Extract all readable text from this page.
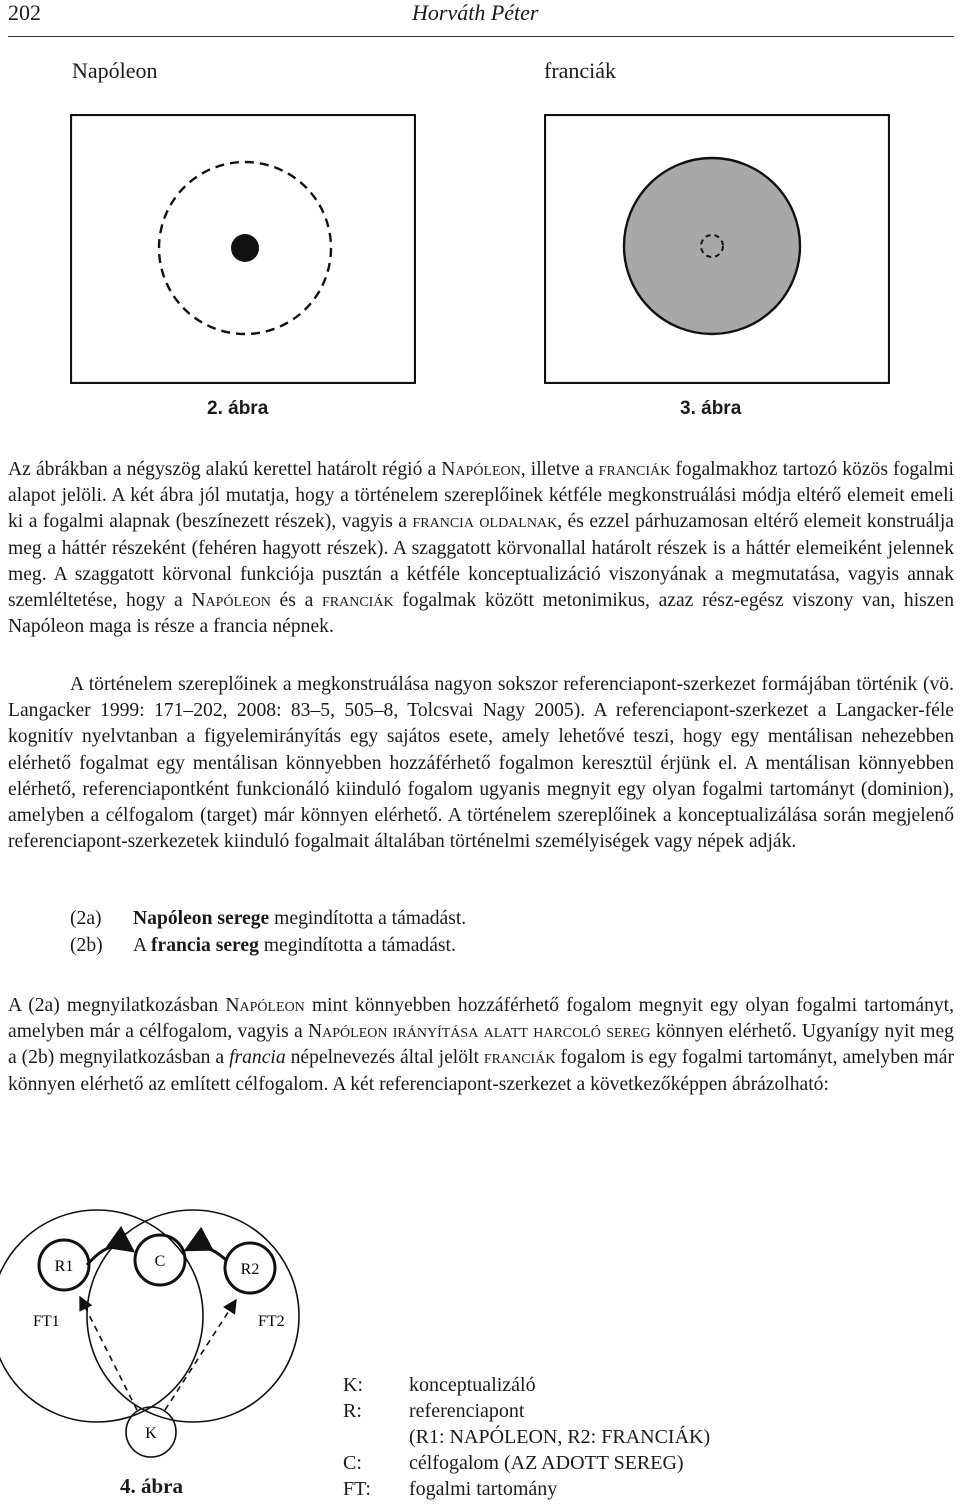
202	Horváth Péter
Napóleon	franciák
2. ábra	3. ábra

Az ábrákban a négyszög alakú kerettel határolt régió a Napóleon, illetve a franciák fogalmakhoz tartozó közös fogalmi alapot jelöli. A két ábra jól mutatja, hogy a történelem szereplőinek kétféle megkonstruálási módja eltérő elemeit emeli ki a fogalmi alapnak (beszínezett részek), vagyis a francia oldalnak, és ezzel párhuzamosan eltérő elemeit konstruálja meg a háttér részeként (fehéren hagyott részek). A szaggatott körvonallal határolt részek is a háttér elemeiként jelennek meg. A szaggatott körvonal funkciója pusztán a kétféle konceptualizáció viszonyának a megmutatása, vagyis annak szemléltetése, hogy a Napóleon és a franciák fogalmak között metonimikus, azaz rész-egész viszony van, hiszen Napóleon maga is része a francia népnek.

A történelem szereplőinek a megkonstruálása nagyon sokszor referenciapont-szerkezet formájában történik (vö. Langacker 1999: 171–202, 2008: 83–5, 505–8, Tolcsvai Nagy 2005). A referenciapont-szerkezet a Langacker-féle kognitív nyelvtanban a figyelemirányítás egy sajátos esete, amely lehetővé teszi, hogy egy mentálisan nehezebben elérhető fogalmat egy mentálisan könnyebben hozzáférhető fogalmon keresztül érjünk el. A mentálisan könnyebben elérhető, referenciapontként funkcionáló kiinduló fogalom ugyanis megnyit egy olyan fogalmi tartományt (dominion), amelyben a célfogalom (target) már könnyen elérhető. A történelem szereplőinek a konceptualizálása során megjelenő referenciapont-szerkezetek kiinduló fogalmait általában történelmi személyiségek vagy népek adják.

(2a) Napóleon serege megindította a támadást.
(2b) A francia sereg megindította a támadást.

A (2a) megnyilatkozásban Napóleon mint könnyebben hozzáférhető fogalom megnyit egy olyan fogalmi tartományt, amelyben már a célfogalom, vagyis a Napóleon irányítása alatt harcoló sereg könnyen elérhető. Ugyanígy nyit meg a (2b) megnyilatkozásban a francia népelnevezés által jelölt franciák fogalom is egy fogalmi tartományt, amelyben már könnyen elérhető az említett célfogalom. A két referenciapont-szerkezet a következőképpen ábrázolható:

R1	C	R2
FT1	FT2
K
4. ábra
K: konceptualizáló
R: referenciapont
(R1: NAPÓLEON, R2: FRANCIÁK)
C: célfogalom (AZ ADOTT SEREG)
FT: fogalmi tartomány
